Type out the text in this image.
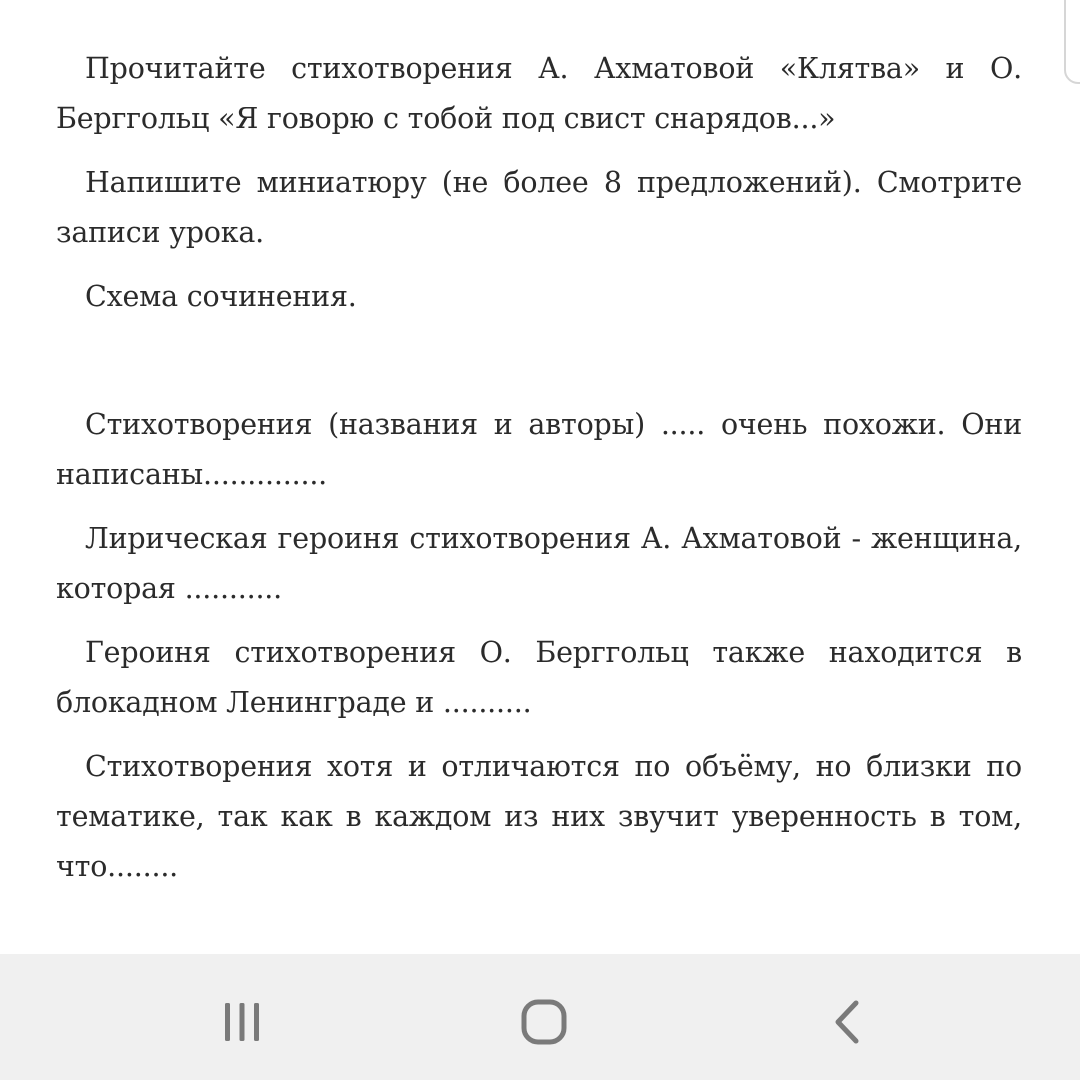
Прочитайте стихотворения А. Ахматовой «Клятва» и О. Берггольц «Я говорю с тобой под свист снарядов...»

Напишите миниатюру (не более 8 предложений). Смотрите записи урока.

Схема сочинения.

Стихотворения (названия и авторы) ..... очень похожи. Они написаны..............

Лирическая героиня стихотворения А. Ахматовой - женщина, которая ...........

Героиня стихотворения О. Берггольц также находится в блокадном Ленинграде и ..........

Стихотворения хотя и отличаются по объёму, но близки по тематике, так как в каждом из них звучит уверенность в том, что........
